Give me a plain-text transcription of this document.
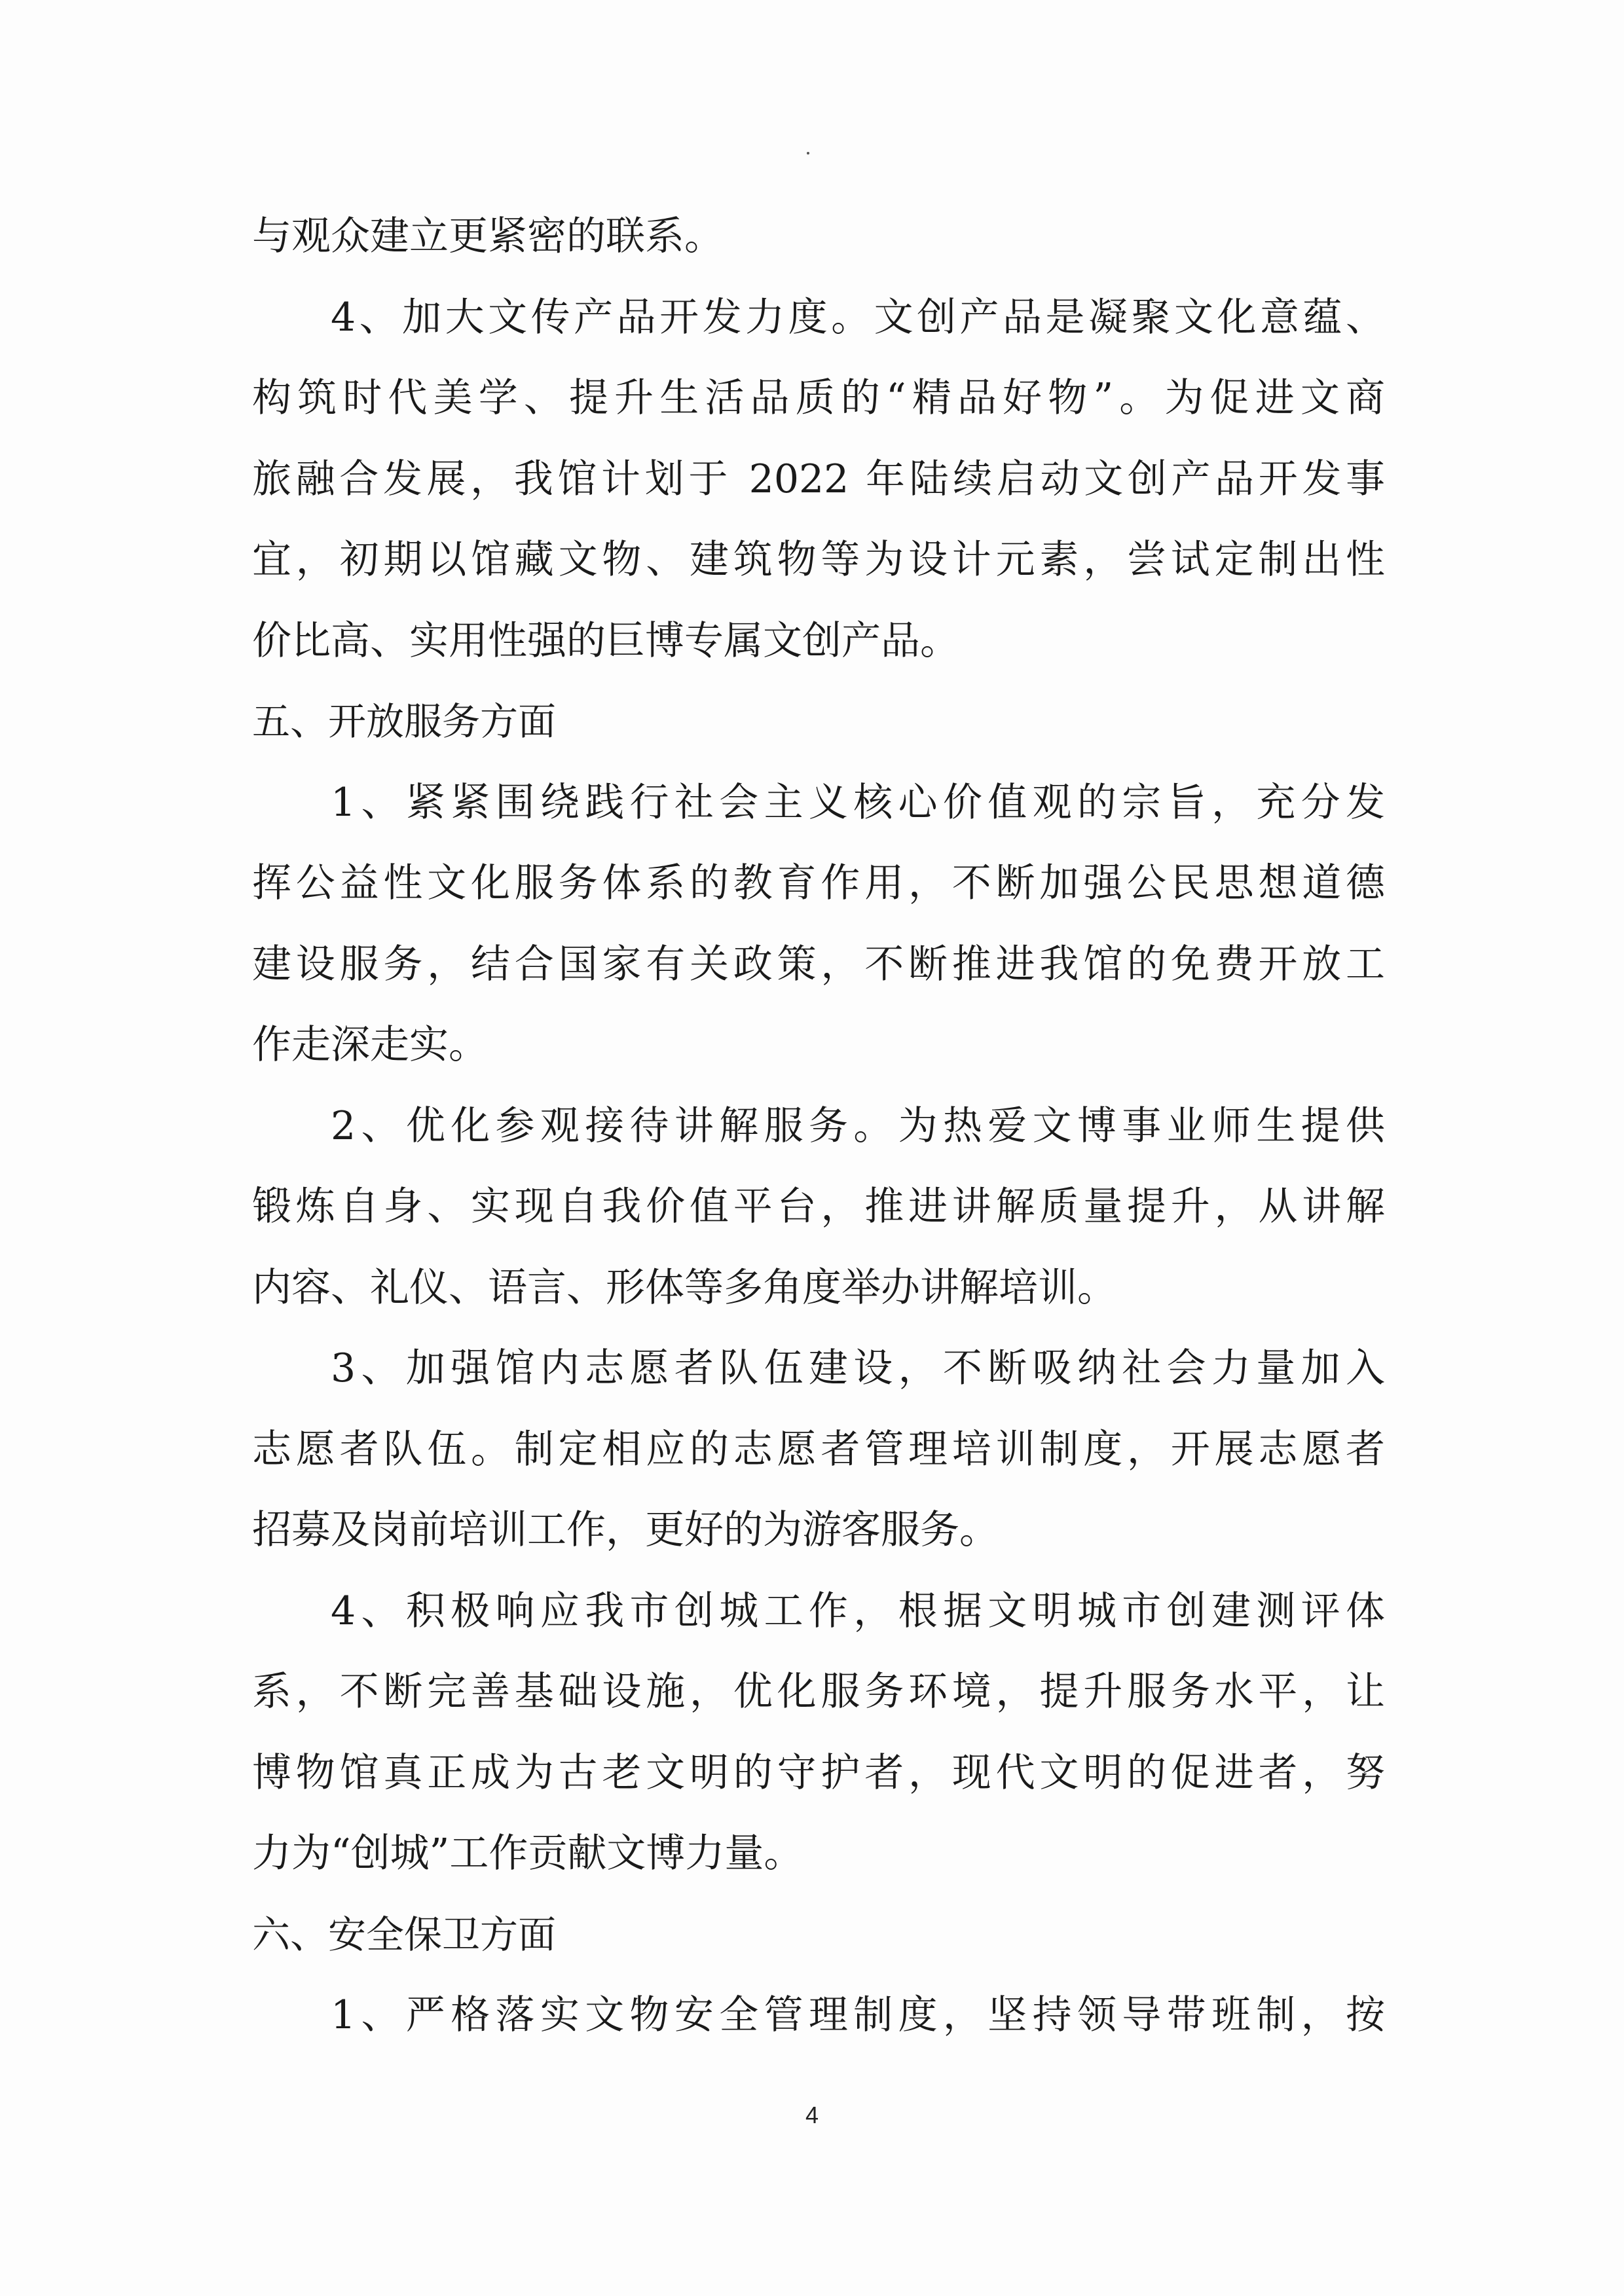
与观众建立更紧密的联系。
4、加大文传产品开发力度。文创产品是凝聚文化意蕴、
构筑时代美学、提升生活品质的“精品好物”。为促进文商
旅融合发展，我馆计划于 2022 年陆续启动文创产品开发事
宜，初期以馆藏文物、建筑物等为设计元素，尝试定制出性
价比高、实用性强的巨博专属文创产品。
五、开放服务方面
1、紧紧围绕践行社会主义核心价值观的宗旨，充分发
挥公益性文化服务体系的教育作用，不断加强公民思想道德
建设服务，结合国家有关政策，不断推进我馆的免费开放工
作走深走实。
2、优化参观接待讲解服务。为热爱文博事业师生提供
锻炼自身、实现自我价值平台，推进讲解质量提升，从讲解
内容、礼仪、语言、形体等多角度举办讲解培训。
3、加强馆内志愿者队伍建设，不断吸纳社会力量加入
志愿者队伍。制定相应的志愿者管理培训制度，开展志愿者
招募及岗前培训工作，更好的为游客服务。
4、积极响应我市创城工作，根据文明城市创建测评体
系，不断完善基础设施，优化服务环境，提升服务水平，让
博物馆真正成为古老文明的守护者，现代文明的促进者，努
力为“创城”工作贡献文博力量。
六、安全保卫方面
1、严格落实文物安全管理制度，坚持领导带班制，按
4
